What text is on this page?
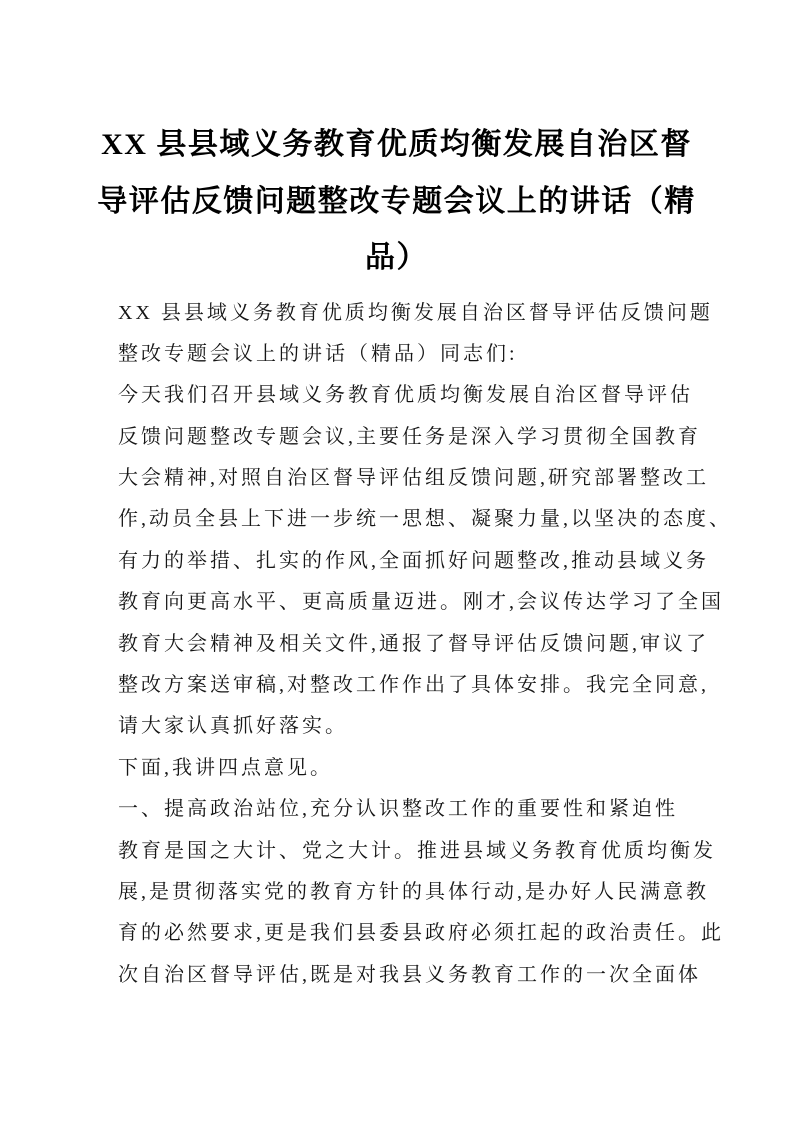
XX 县县域义务教育优质均衡发展自治区督
导评估反馈问题整改专题会议上的讲话（精
品）
XX 县县域义务教育优质均衡发展自治区督导评估反馈问题
整改专题会议上的讲话（精品）同志们:
今天我们召开县域义务教育优质均衡发展自治区督导评估
反馈问题整改专题会议,主要任务是深入学习贯彻全国教育
大会精神,对照自治区督导评估组反馈问题,研究部署整改工
作,动员全县上下进一步统一思想、凝聚力量,以坚决的态度、
有力的举措、扎实的作风,全面抓好问题整改,推动县域义务
教育向更高水平、更高质量迈进。刚才,会议传达学习了全国
教育大会精神及相关文件,通报了督导评估反馈问题,审议了
整改方案送审稿,对整改工作作出了具体安排。我完全同意,
请大家认真抓好落实。
下面,我讲四点意见。
一、提高政治站位,充分认识整改工作的重要性和紧迫性
教育是国之大计、党之大计。推进县域义务教育优质均衡发
展,是贯彻落实党的教育方针的具体行动,是办好人民满意教
育的必然要求,更是我们县委县政府必须扛起的政治责任。此
次自治区督导评估,既是对我县义务教育工作的一次全面体
